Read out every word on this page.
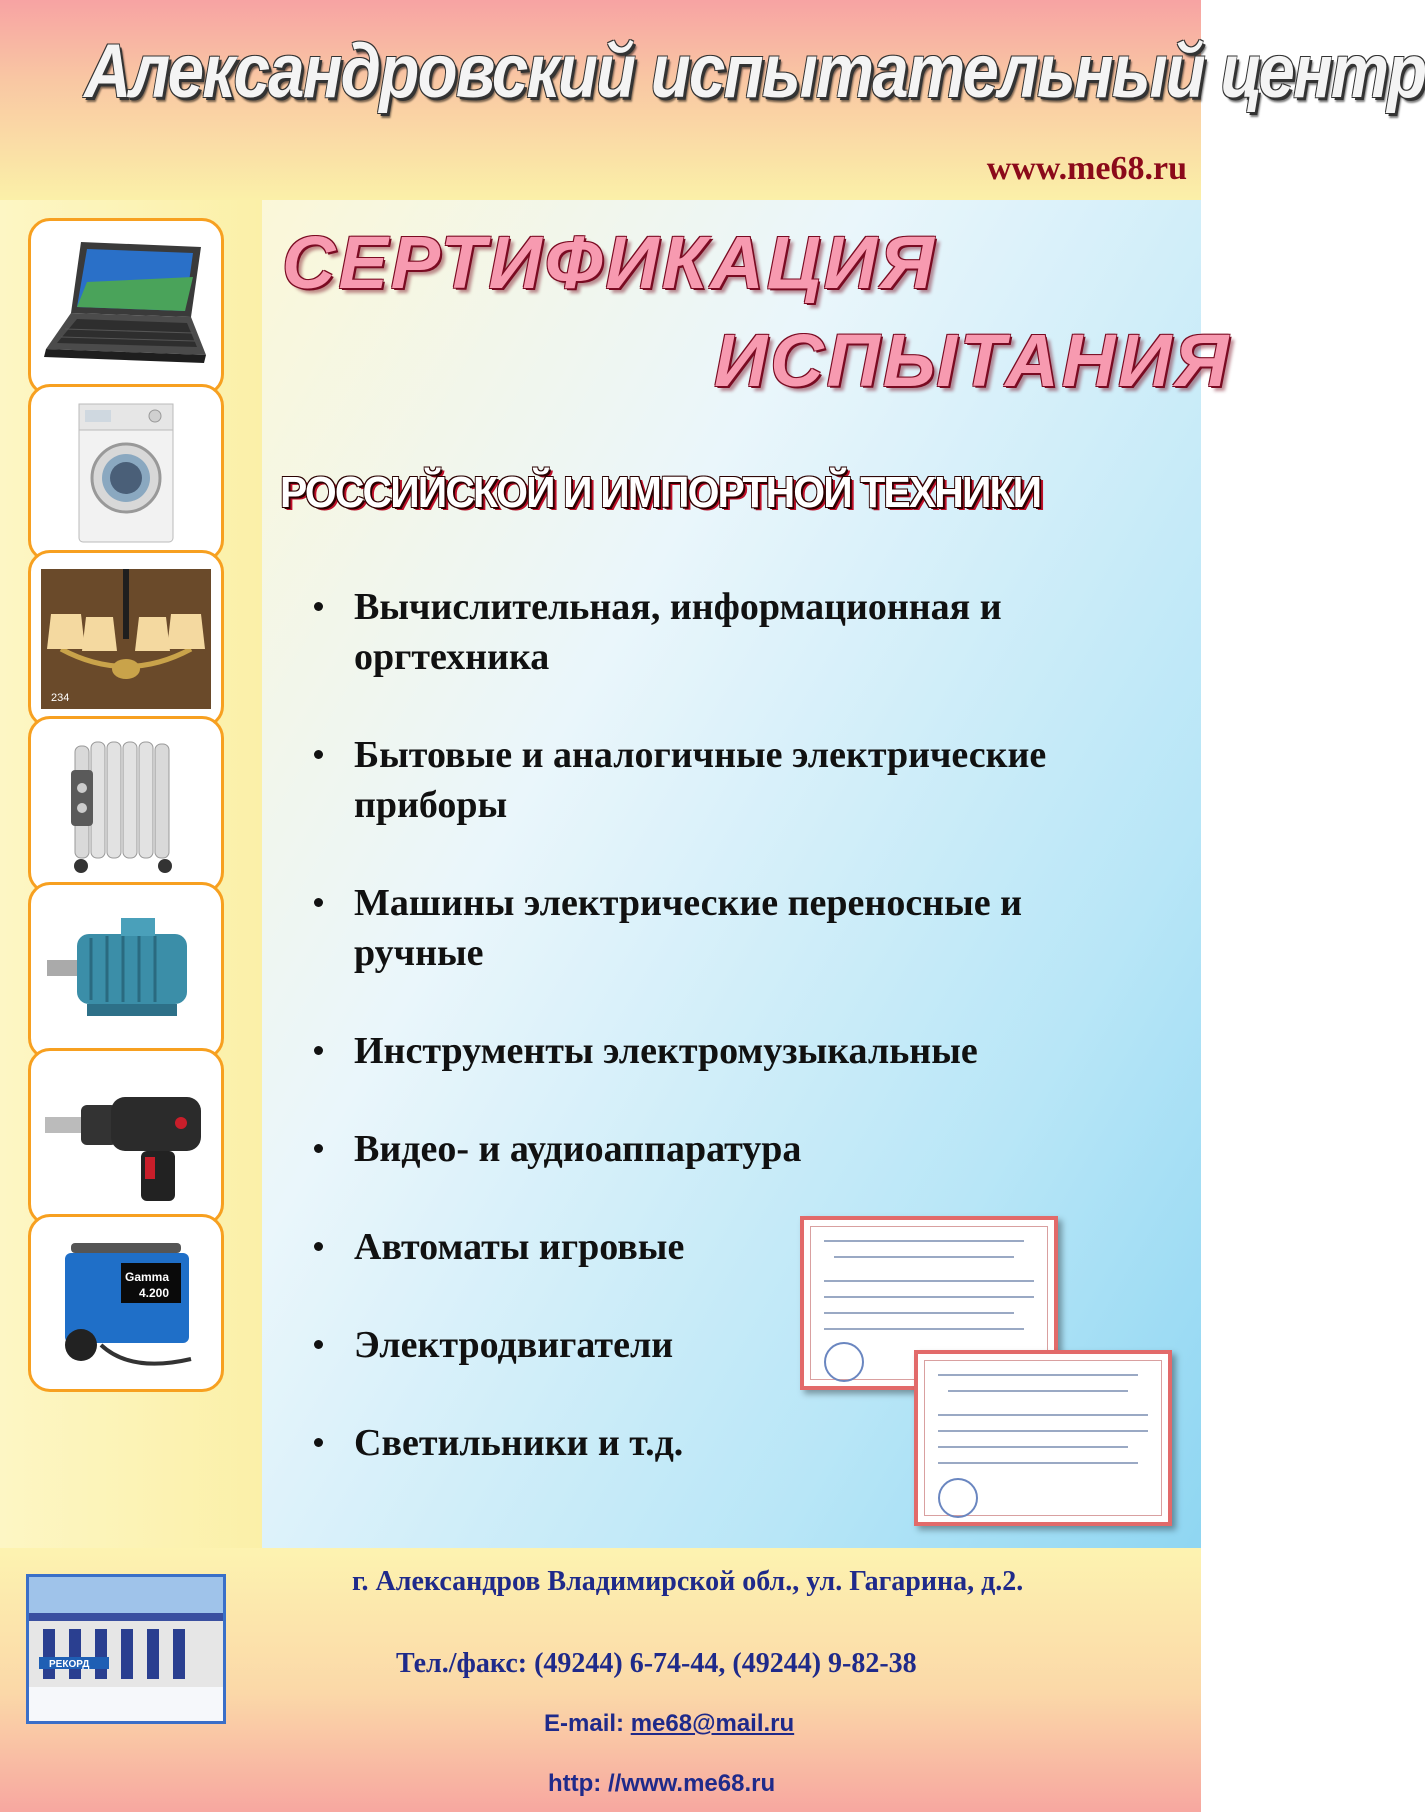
Александровский испытательный центр
www.me68.ru
234
Gamma
4.200
СЕРТИФИКАЦИЯ
ИСПЫТАНИЯ
РОССИЙСКОЙ И ИМПОРТНОЙ ТЕХНИКИ
Вычислительная, информационная и
оргтехника
Бытовые и аналогичные электрические
приборы
Машины электрические переносные и
ручные
Инструменты электромузыкальные
Видео- и аудиоаппаратура
Автоматы игровые
Электродвигатели
Светильники и т.д.
РЕКОРД
г. Александров Владимирской обл., ул. Гагарина, д.2.
Тел./факс: (49244) 6-74-44, (49244) 9-82-38
E-mail: me68@mail.ru
http: //www.me68.ru
